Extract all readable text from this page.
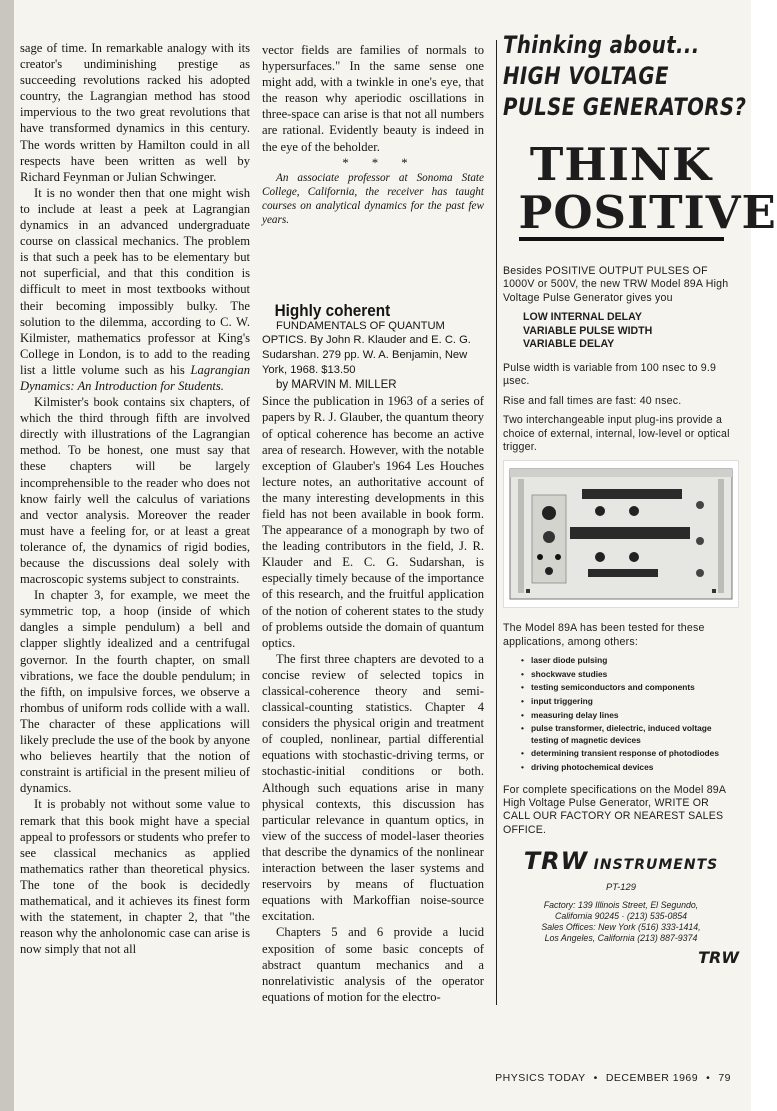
sage of time. In remarkable analogy with its creator's undiminishing prestige as succeeding revolutions racked his adopted country, the Lagrangian method has stood impervious to the two great revolutions that have transformed dynamics in this century. The words written by Hamilton could in all respects have been written as well by Richard Feynman or Julian Schwinger.

It is no wonder then that one might wish to include at least a peek at Lagrangian dynamics in an advanced undergraduate course on classical mechanics. The problem is that such a peek has to be elementary but not superficial, and that this condition is difficult to meet in most textbooks without their becoming impossibly bulky. The solution to the dilemma, according to C. W. Kilmister, mathematics professor at King's College in London, is to add to the reading list a little volume such as his Lagrangian Dynamics: An Introduction for Students.

Kilmister's book contains six chapters, of which the third through fifth are involved directly with illustrations of the Lagrangian method. To be honest, one must say that these chapters will be largely incomprehensible to the reader who does not know fairly well the calculus of variations and vector analysis. Moreover the reader must have a feeling for, or at least a great tolerance of, the dynamics of rigid bodies, because the discussions deal solely with macroscopic systems subject to constraints.

In chapter 3, for example, we meet the symmetric top, a hoop (inside of which dangles a simple pendulum) a bell and clapper slightly idealized and a centrifugal governor. In the fourth chapter, on small vibrations, we face the double pendulum; in the fifth, on impulsive forces, we observe a rhombus of uniform rods collide with a wall. The character of these applications will likely preclude the use of the book by anyone who believes heartily that the notion of constraint is artificial in the present milieu of dynamics.

It is probably not without some value to remark that this book might have a special appeal to professors or students who prefer to see classical mechanics as applied mathematics rather than theoretical physics. The tone of the book is decidedly mathematical, and it achieves its finest form with the statement, in chapter 2, that "the reason why the anholonomic case can arise is now simply that not all

vector fields are families of normals to hypersurfaces." In the same sense one might add, with a twinkle in one's eye, that the reason why aperiodic oscillations in three-space can arise is that not all numbers are rational. Evidently beauty is indeed in the eye of the beholder.

* * *

An associate professor at Sonoma State College, California, the receiver has taught courses on analytical dynamics for the past few years.

Highly coherent

FUNDAMENTALS OF QUANTUM OPTICS. By John R. Klauder and E. C. G. Sudarshan. 279 pp. W. A. Benjamin, New York, 1968. $13.50

by MARVIN M. MILLER

Since the publication in 1963 of a series of papers by R. J. Glauber, the quantum theory of optical coherence has become an active area of research. However, with the notable exception of Glauber's 1964 Les Houches lecture notes, an authoritative account of the many interesting developments in this field has not been available in book form. The appearance of a monograph by two of the leading contributors in the field, J. R. Klauder and E. C. G. Sudarshan, is especially timely because of the importance of this research, and the fruitful application of the notion of coherent states to the study of problems outside the domain of quantum optics.

The first three chapters are devoted to a concise review of selected topics in classical-coherence theory and semi-classical-counting statistics. Chapter 4 considers the physical origin and treatment of coupled, nonlinear, partial differential equations with stochastic-driving terms, or stochastic-initial conditions or both. Although such equations arise in many physical contexts, this discussion has particular relevance in quantum optics, in view of the success of model-laser theories that describe the dynamics of the nonlinear interaction between the laser systems and reservoirs by means of fluctuation equations with Markoffian noise-source excitation.

Chapters 5 and 6 provide a lucid exposition of some basic concepts of abstract quantum mechanics and a nonrelativistic analysis of the operator equations of motion for the electro-

Thinking about...
HIGH VOLTAGE
PULSE GENERATORS?
THINK
POSITIVE

Besides POSITIVE OUTPUT PULSES OF 1000V or 500V, the new TRW Model 89A High Voltage Pulse Generator gives you

LOW INTERNAL DELAY
VARIABLE PULSE WIDTH
VARIABLE DELAY

Pulse width is variable from 100 nsec to 9.9 µsec.

Rise and fall times are fast: 40 nsec.

Two interchangeable input plug-ins provide a choice of external, internal, low-level or optical trigger.

The Model 89A has been tested for these applications, among others:

• laser diode pulsing
• shockwave studies
• testing semiconductors and components
• input triggering
• measuring delay lines
• pulse transformer, dielectric, induced voltage testing of magnetic devices
• determining transient response of photodiodes
• driving photochemical devices

For complete specifications on the Model 89A High Voltage Pulse Generator, WRITE OR CALL OUR FACTORY OR NEAREST SALES OFFICE.

TRW INSTRUMENTS
PT-129
Factory: 139 Illinois Street, El Segundo,
California 90245 · (213) 535-0854
Sales Offices: New York (516) 333-1414,
Los Angeles, California (213) 887-9374
TRW
PHYSICS TODAY • DECEMBER 1969 • 79
